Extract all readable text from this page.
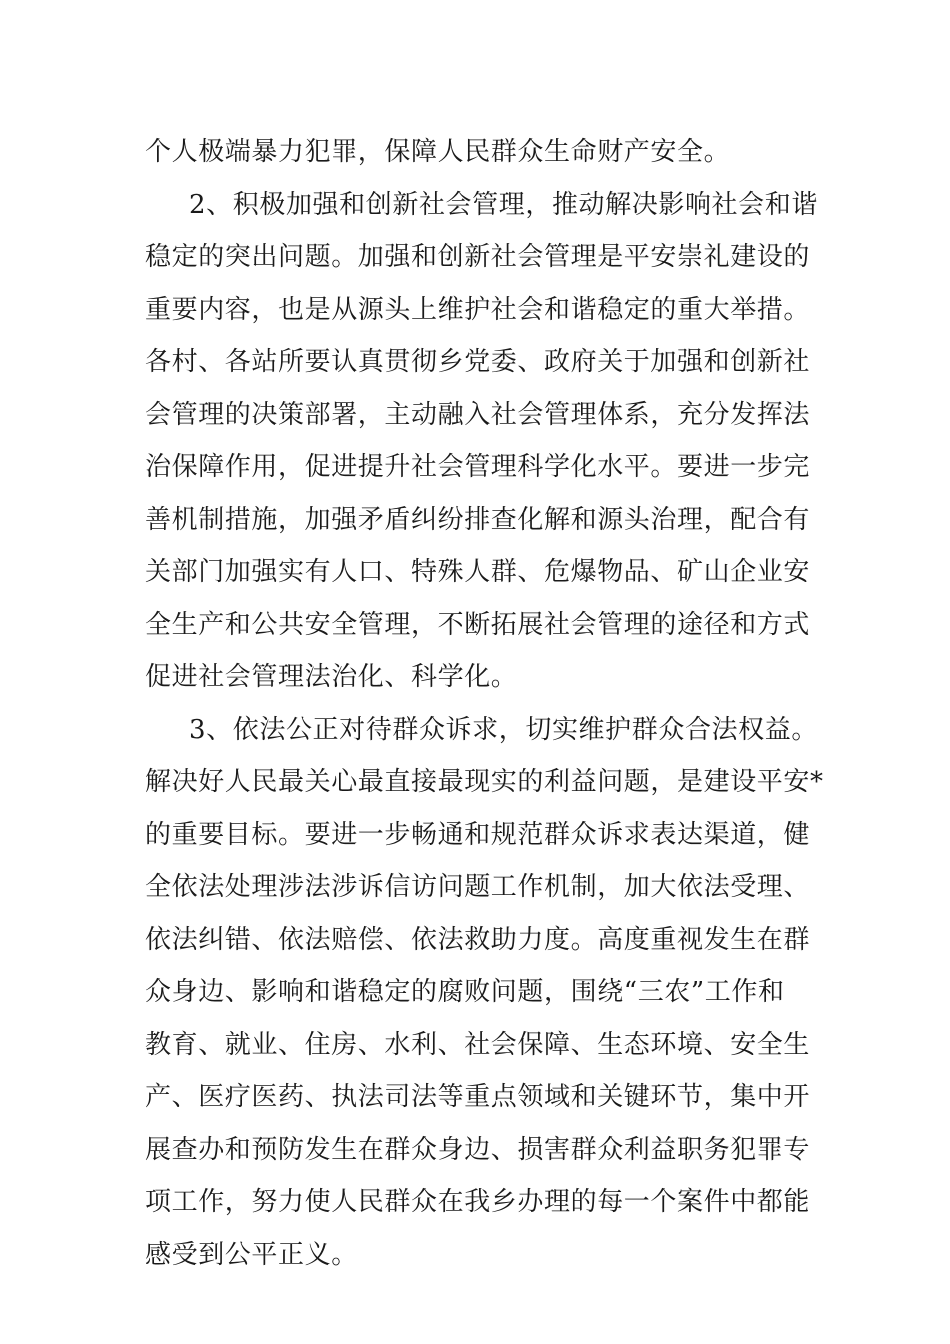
个人极端暴力犯罪，保障人民群众生命财产安全。
2、积极加强和创新社会管理，推动解决影响社会和谐
稳定的突出问题。加强和创新社会管理是平安崇礼建设的
重要内容，也是从源头上维护社会和谐稳定的重大举措。
各村、各站所要认真贯彻乡党委、政府关于加强和创新社
会管理的决策部署，主动融入社会管理体系，充分发挥法
治保障作用，促进提升社会管理科学化水平。要进一步完
善机制措施，加强矛盾纠纷排查化解和源头治理，配合有
关部门加强实有人口、特殊人群、危爆物品、矿山企业安
全生产和公共安全管理，不断拓展社会管理的途径和方式
促进社会管理法治化、科学化。
3、依法公正对待群众诉求，切实维护群众合法权益。
解决好人民最关心最直接最现实的利益问题，是建设平安*
的重要目标。要进一步畅通和规范群众诉求表达渠道，健
全依法处理涉法涉诉信访问题工作机制，加大依法受理、
依法纠错、依法赔偿、依法救助力度。高度重视发生在群
众身边、影响和谐稳定的腐败问题，围绕“三农”工作和
教育、就业、住房、水利、社会保障、生态环境、安全生
产、医疗医药、执法司法等重点领域和关键环节，集中开
展查办和预防发生在群众身边、损害群众利益职务犯罪专
项工作，努力使人民群众在我乡办理的每一个案件中都能
感受到公平正义。
